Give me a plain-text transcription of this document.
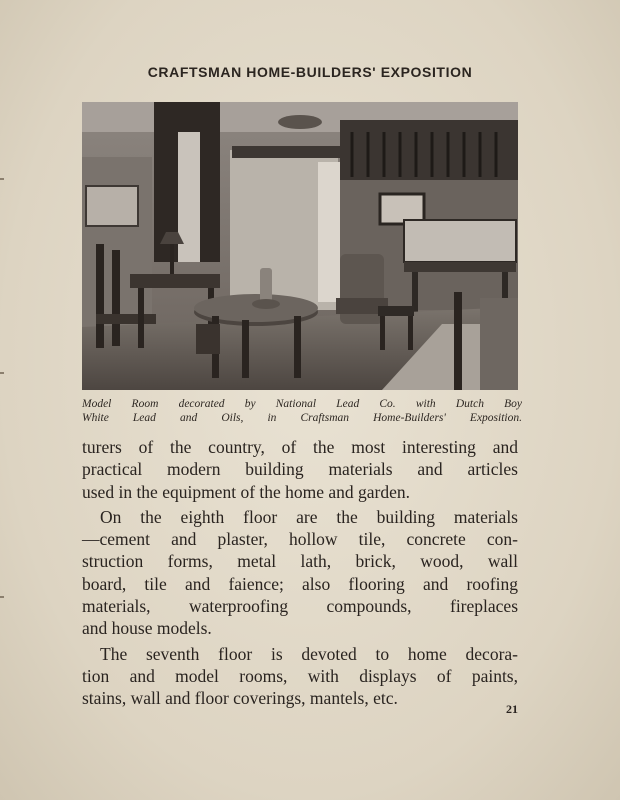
CRAFTSMAN HOME-BUILDERS' EXPOSITION
Model Room decorated by National Lead Co. with Dutch Boy
White Lead and Oils, in Craftsman Home-Builders' Exposition.

turers of the country, of the most interesting and
practical modern building materials and articles
used in the equipment of the home and garden.

On the eighth floor are the building materials
—cement and plaster, hollow tile, concrete con-
struction forms, metal lath, brick, wood, wall
board, tile and faience; also flooring and roofing
materials, waterproofing compounds, fireplaces
and house models.

The seventh floor is devoted to home decora-
tion and model rooms, with displays of paints,
stains, wall and floor coverings, mantels, etc.

21
